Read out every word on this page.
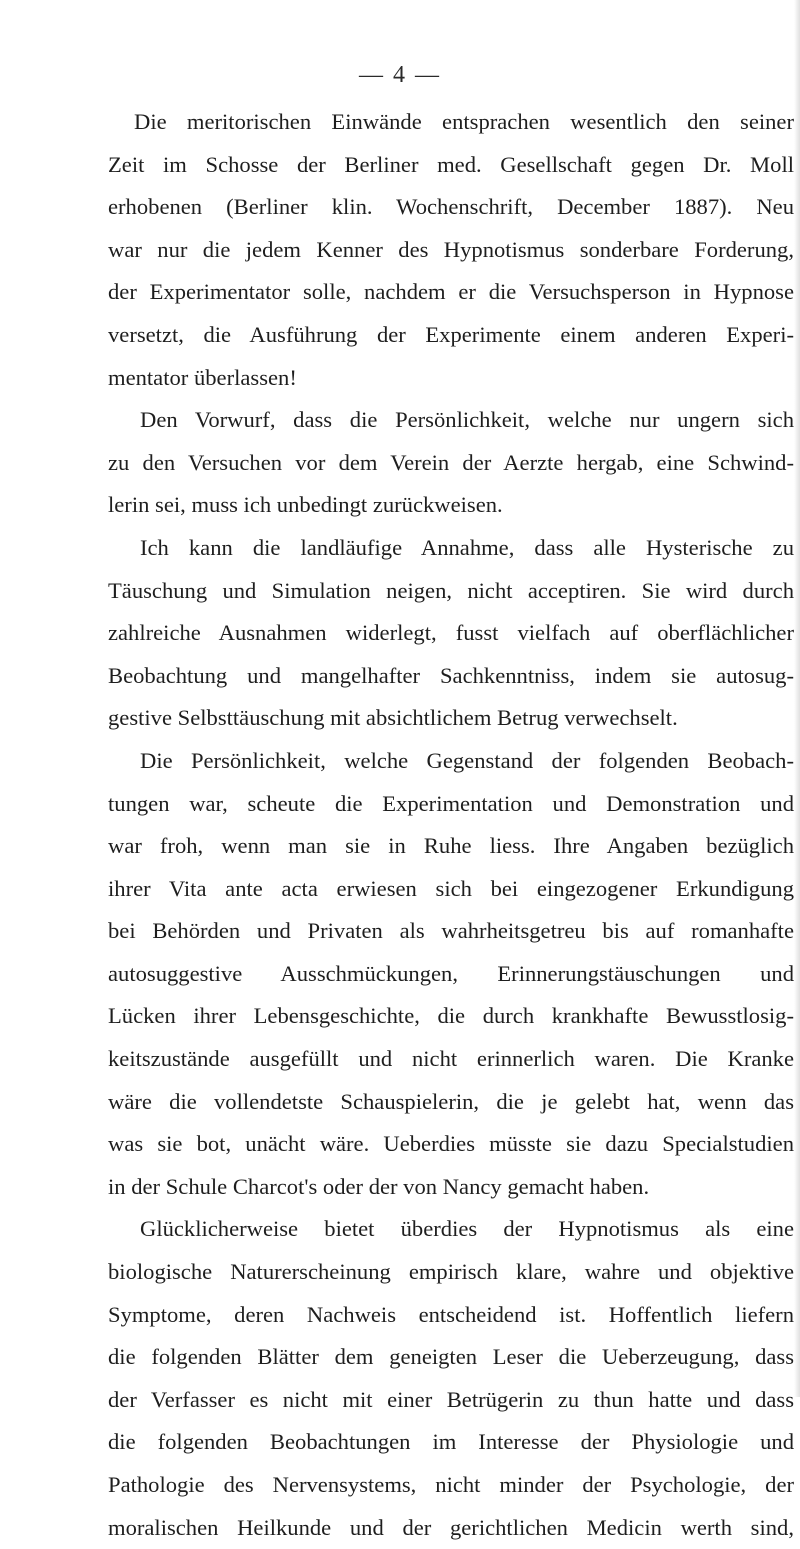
— 4 —
Die meritorischen Einwände entsprachen wesentlich den seiner
Zeit im Schosse der Berliner med. Gesellschaft gegen Dr. Moll
erhobenen (Berliner klin. Wochenschrift, December 1887). Neu
war nur die jedem Kenner des Hypnotismus sonderbare Forderung,
der Experimentator solle, nachdem er die Versuchsperson in Hypnose
versetzt, die Ausführung der Experimente einem anderen Experi-
mentator überlassen!
Den Vorwurf, dass die Persönlichkeit, welche nur ungern sich
zu den Versuchen vor dem Verein der Aerzte hergab, eine Schwind-
lerin sei, muss ich unbedingt zurückweisen.
Ich kann die landläufige Annahme, dass alle Hysterische zu
Täuschung und Simulation neigen, nicht acceptiren. Sie wird durch
zahlreiche Ausnahmen widerlegt, fusst vielfach auf oberflächlicher
Beobachtung und mangelhafter Sachkenntniss, indem sie autosug-
gestive Selbsttäuschung mit absichtlichem Betrug verwechselt.
Die Persönlichkeit, welche Gegenstand der folgenden Beobach-
tungen war, scheute die Experimentation und Demonstration und
war froh, wenn man sie in Ruhe liess. Ihre Angaben bezüglich
ihrer Vita ante acta erwiesen sich bei eingezogener Erkundigung
bei Behörden und Privaten als wahrheitsgetreu bis auf romanhafte
autosuggestive Ausschmückungen, Erinnerungstäuschungen und
Lücken ihrer Lebensgeschichte, die durch krankhafte Bewusstlosig-
keitszustände ausgefüllt und nicht erinnerlich waren. Die Kranke
wäre die vollendetste Schauspielerin, die je gelebt hat, wenn das
was sie bot, unächt wäre. Ueberdies müsste sie dazu Specialstudien
in der Schule Charcot's oder der von Nancy gemacht haben.
Glücklicherweise bietet überdies der Hypnotismus als eine
biologische Naturerscheinung empirisch klare, wahre und objektive
Symptome, deren Nachweis entscheidend ist. Hoffentlich liefern
die folgenden Blätter dem geneigten Leser die Ueberzeugung, dass
der Verfasser es nicht mit einer Betrügerin zu thun hatte und dass
die folgenden Beobachtungen im Interesse der Physiologie und
Pathologie des Nervensystems, nicht minder der Psychologie, der
moralischen Heilkunde und der gerichtlichen Medicin werth sind,
